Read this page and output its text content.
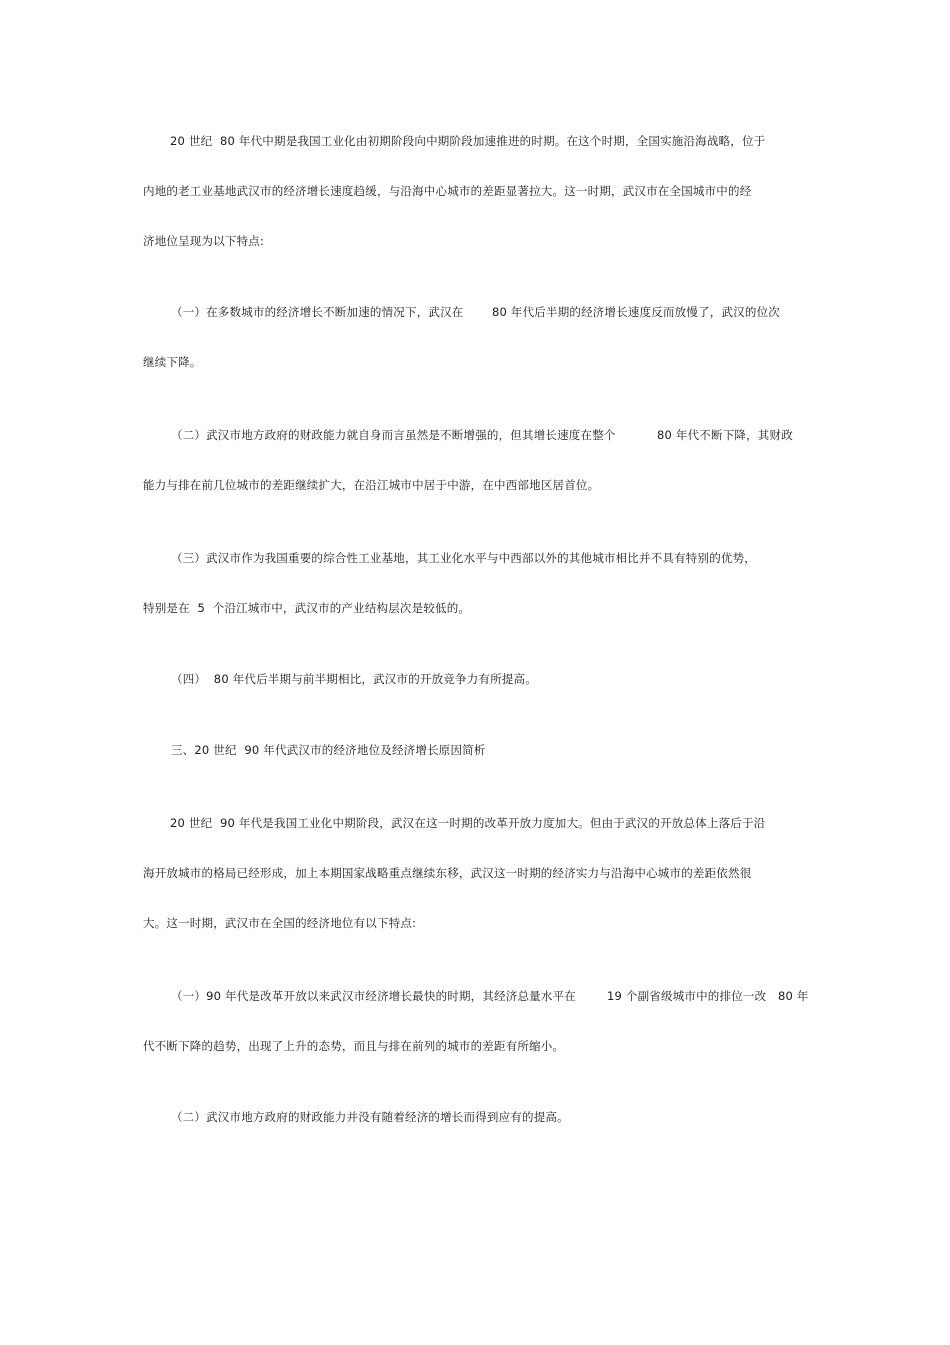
20 世纪  80 年代中期是我国工业化由初期阶段向中期阶段加速推进的时期。在这个时期，全国实施沿海战略，位于
内地的老工业基地武汉市的经济增长速度趋缓，与沿海中心城市的差距显著拉大。这一时期，武汉市在全国城市中的经
济地位呈现为以下特点:
（一）在多数城市的经济增长不断加速的情况下，武汉在 80 年代后半期的经济增长速度反而放慢了，武汉的位次
继续下降。
（二）武汉市地方政府的财政能力就自身而言虽然是不断增强的，但其增长速度在整个	80 年代不断下降，其财政
能力与排在前几位城市的差距继续扩大，在沿江城市中居于中游，在中西部地区居首位。
（三）武汉市作为我国重要的综合性工业基地，其工业化水平与中西部以外的其他城市相比并不具有特别的优势，
特别是在  5  个沿江城市中，武汉市的产业结构层次是较低的。
（四）  80 年代后半期与前半期相比，武汉市的开放竞争力有所提高。
三、20 世纪  90 年代武汉市的经济地位及经济增长原因简析
20 世纪  90 年代是我国工业化中期阶段，武汉在这一时期的改革开放力度加大。但由于武汉的开放总体上落后于沿
海开放城市的格局已经形成，加上本期国家战略重点继续东移，武汉这一时期的经济实力与沿海中心城市的差距依然很
大。这一时期，武汉市在全国的经济地位有以下特点:
（一）90 年代是改革开放以来武汉市经济增长最快的时期，其经济总量水平在	19 个副省级城市中的排位一改 80 年
代不断下降的趋势，出现了上升的态势，而且与排在前列的城市的差距有所缩小。
（二）武汉市地方政府的财政能力并没有随着经济的增长而得到应有的提高。
